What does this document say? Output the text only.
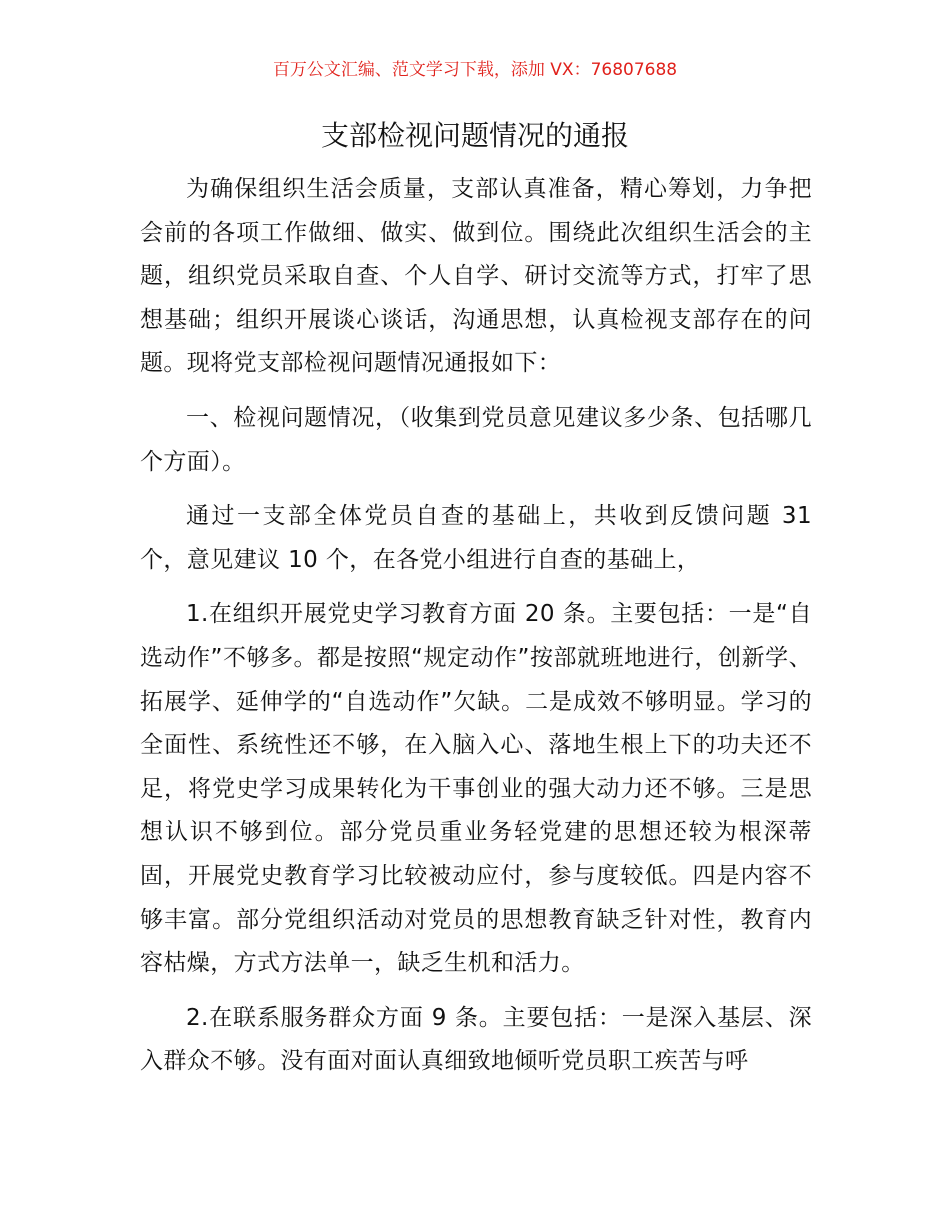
百万公文汇编、范文学习下载，添加 VX：76807688
支部检视问题情况的通报

为确保组织生活会质量，支部认真准备，精心筹划，力争把会前的各项工作做细、做实、做到位。围绕此次组织生活会的主题，组织党员采取自查、个人自学、研讨交流等方式，打牢了思想基础；组织开展谈心谈话，沟通思想，认真检视支部存在的问题。现将党支部检视问题情况通报如下：

一、检视问题情况，（收集到党员意见建议多少条、包括哪几个方面）。

通过一支部全体党员自查的基础上，共收到反馈问题 31 个，意见建议 10 个，在各党小组进行自查的基础上，

1.在组织开展党史学习教育方面 20 条。主要包括：一是“自选动作”不够多。都是按照“规定动作”按部就班地进行，创新学、拓展学、延伸学的“自选动作”欠缺。二是成效不够明显。学习的全面性、系统性还不够，在入脑入心、落地生根上下的功夫还不足，将党史学习成果转化为干事创业的强大动力还不够。三是思想认识不够到位。部分党员重业务轻党建的思想还较为根深蒂固，开展党史教育学习比较被动应付，参与度较低。四是内容不够丰富。部分党组织活动对党员的思想教育缺乏针对性，教育内容枯燥，方式方法单一，缺乏生机和活力。

2.在联系服务群众方面 9 条。主要包括：一是深入基层、深入群众不够。没有面对面认真细致地倾听党员职工疾苦与呼
